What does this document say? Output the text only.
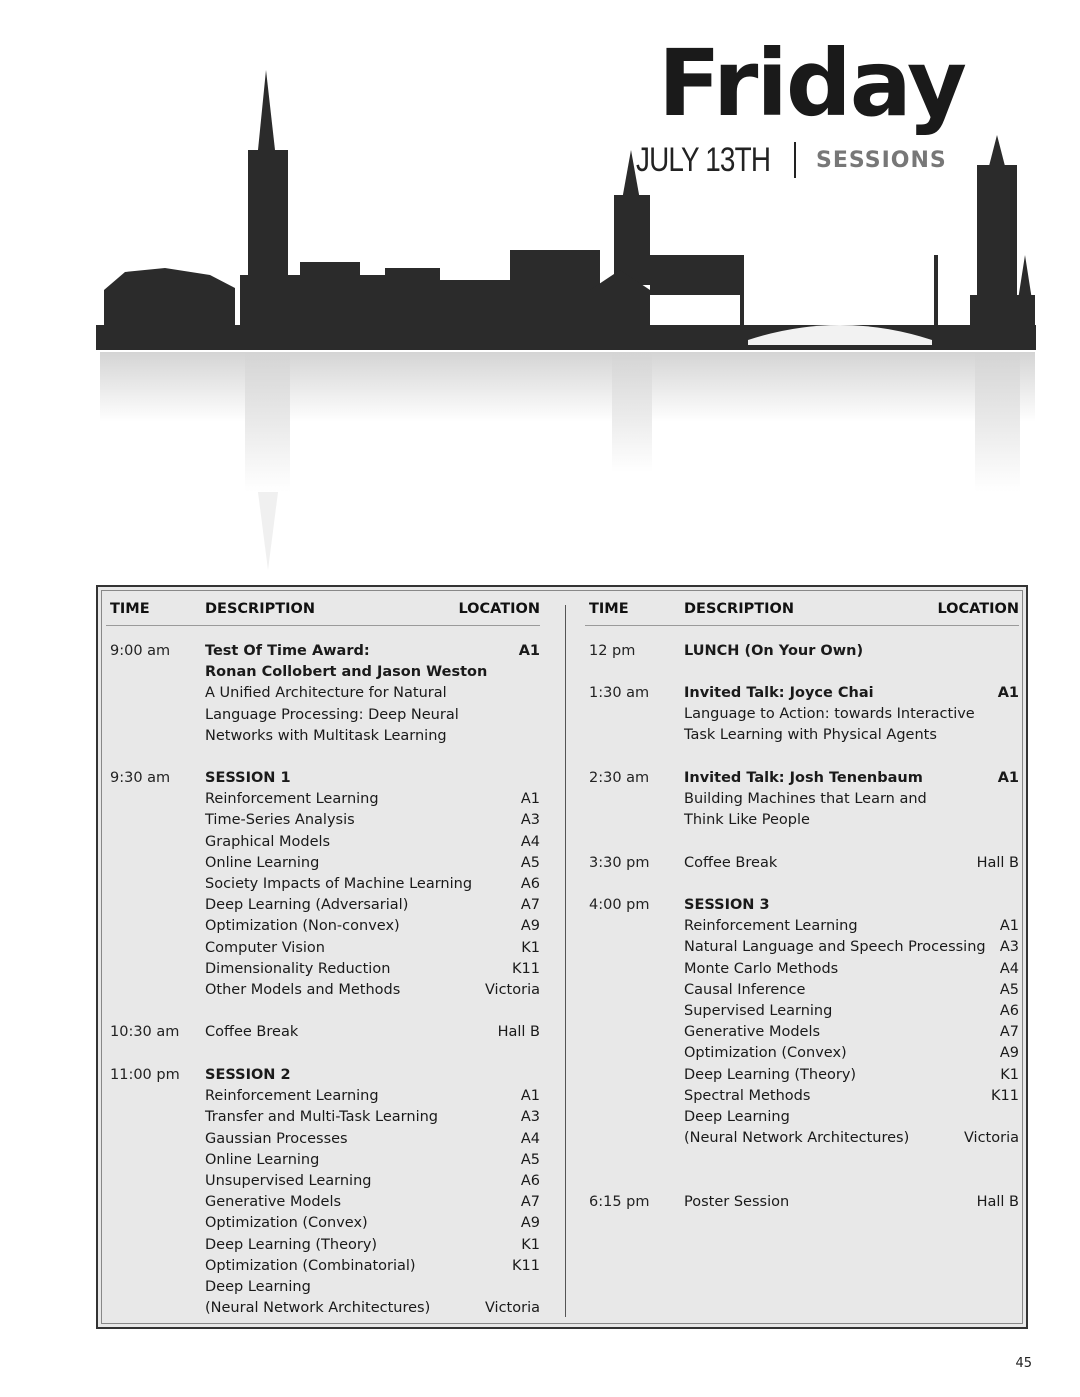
Friday
JULY 13TH SESSIONS
TIME	DESCRIPTION	LOCATION
9:00 am	Test Of Time Award:	A1
Ronan Collobert and Jason Weston
A Unified Architecture for Natural
Language Processing: Deep Neural
Networks with Multitask Learning
9:30 am	SESSION 1
Reinforcement Learning	A1
Time-Series Analysis	A3
Graphical Models	A4
Online Learning	A5
Society Impacts of Machine Learning	A6
Deep Learning (Adversarial)	A7
Optimization (Non-convex)	A9
Computer Vision	K1
Dimensionality Reduction	K11
Other Models and Methods	Victoria
10:30 am	Coffee Break	Hall B
11:00 pm	SESSION 2
Reinforcement Learning	A1
Transfer and Multi-Task Learning	A3
Gaussian Processes	A4
Online Learning	A5
Unsupervised Learning	A6
Generative Models	A7
Optimization (Convex)	A9
Deep Learning (Theory)	K1
Optimization (Combinatorial)	K11
Deep Learning
(Neural Network Architectures)	Victoria
TIME	DESCRIPTION	LOCATION
12 pm	LUNCH (On Your Own)
1:30 am	Invited Talk: Joyce Chai	A1
Language to Action: towards Interactive
Task Learning with Physical Agents
2:30 am	Invited Talk: Josh Tenenbaum	A1
Building Machines that Learn and
Think Like People
3:30 pm	Coffee Break	Hall B
4:00 pm	SESSION 3
Reinforcement Learning	A1
Natural Language and Speech Processing A3
Monte Carlo Methods	A4
Causal Inference	A5
Supervised Learning	A6
Generative Models	A7
Optimization (Convex)	A9
Deep Learning (Theory)	K1
Spectral Methods	K11
Deep Learning
(Neural Network Architectures)	Victoria
6:15 pm	Poster Session	Hall B
45
